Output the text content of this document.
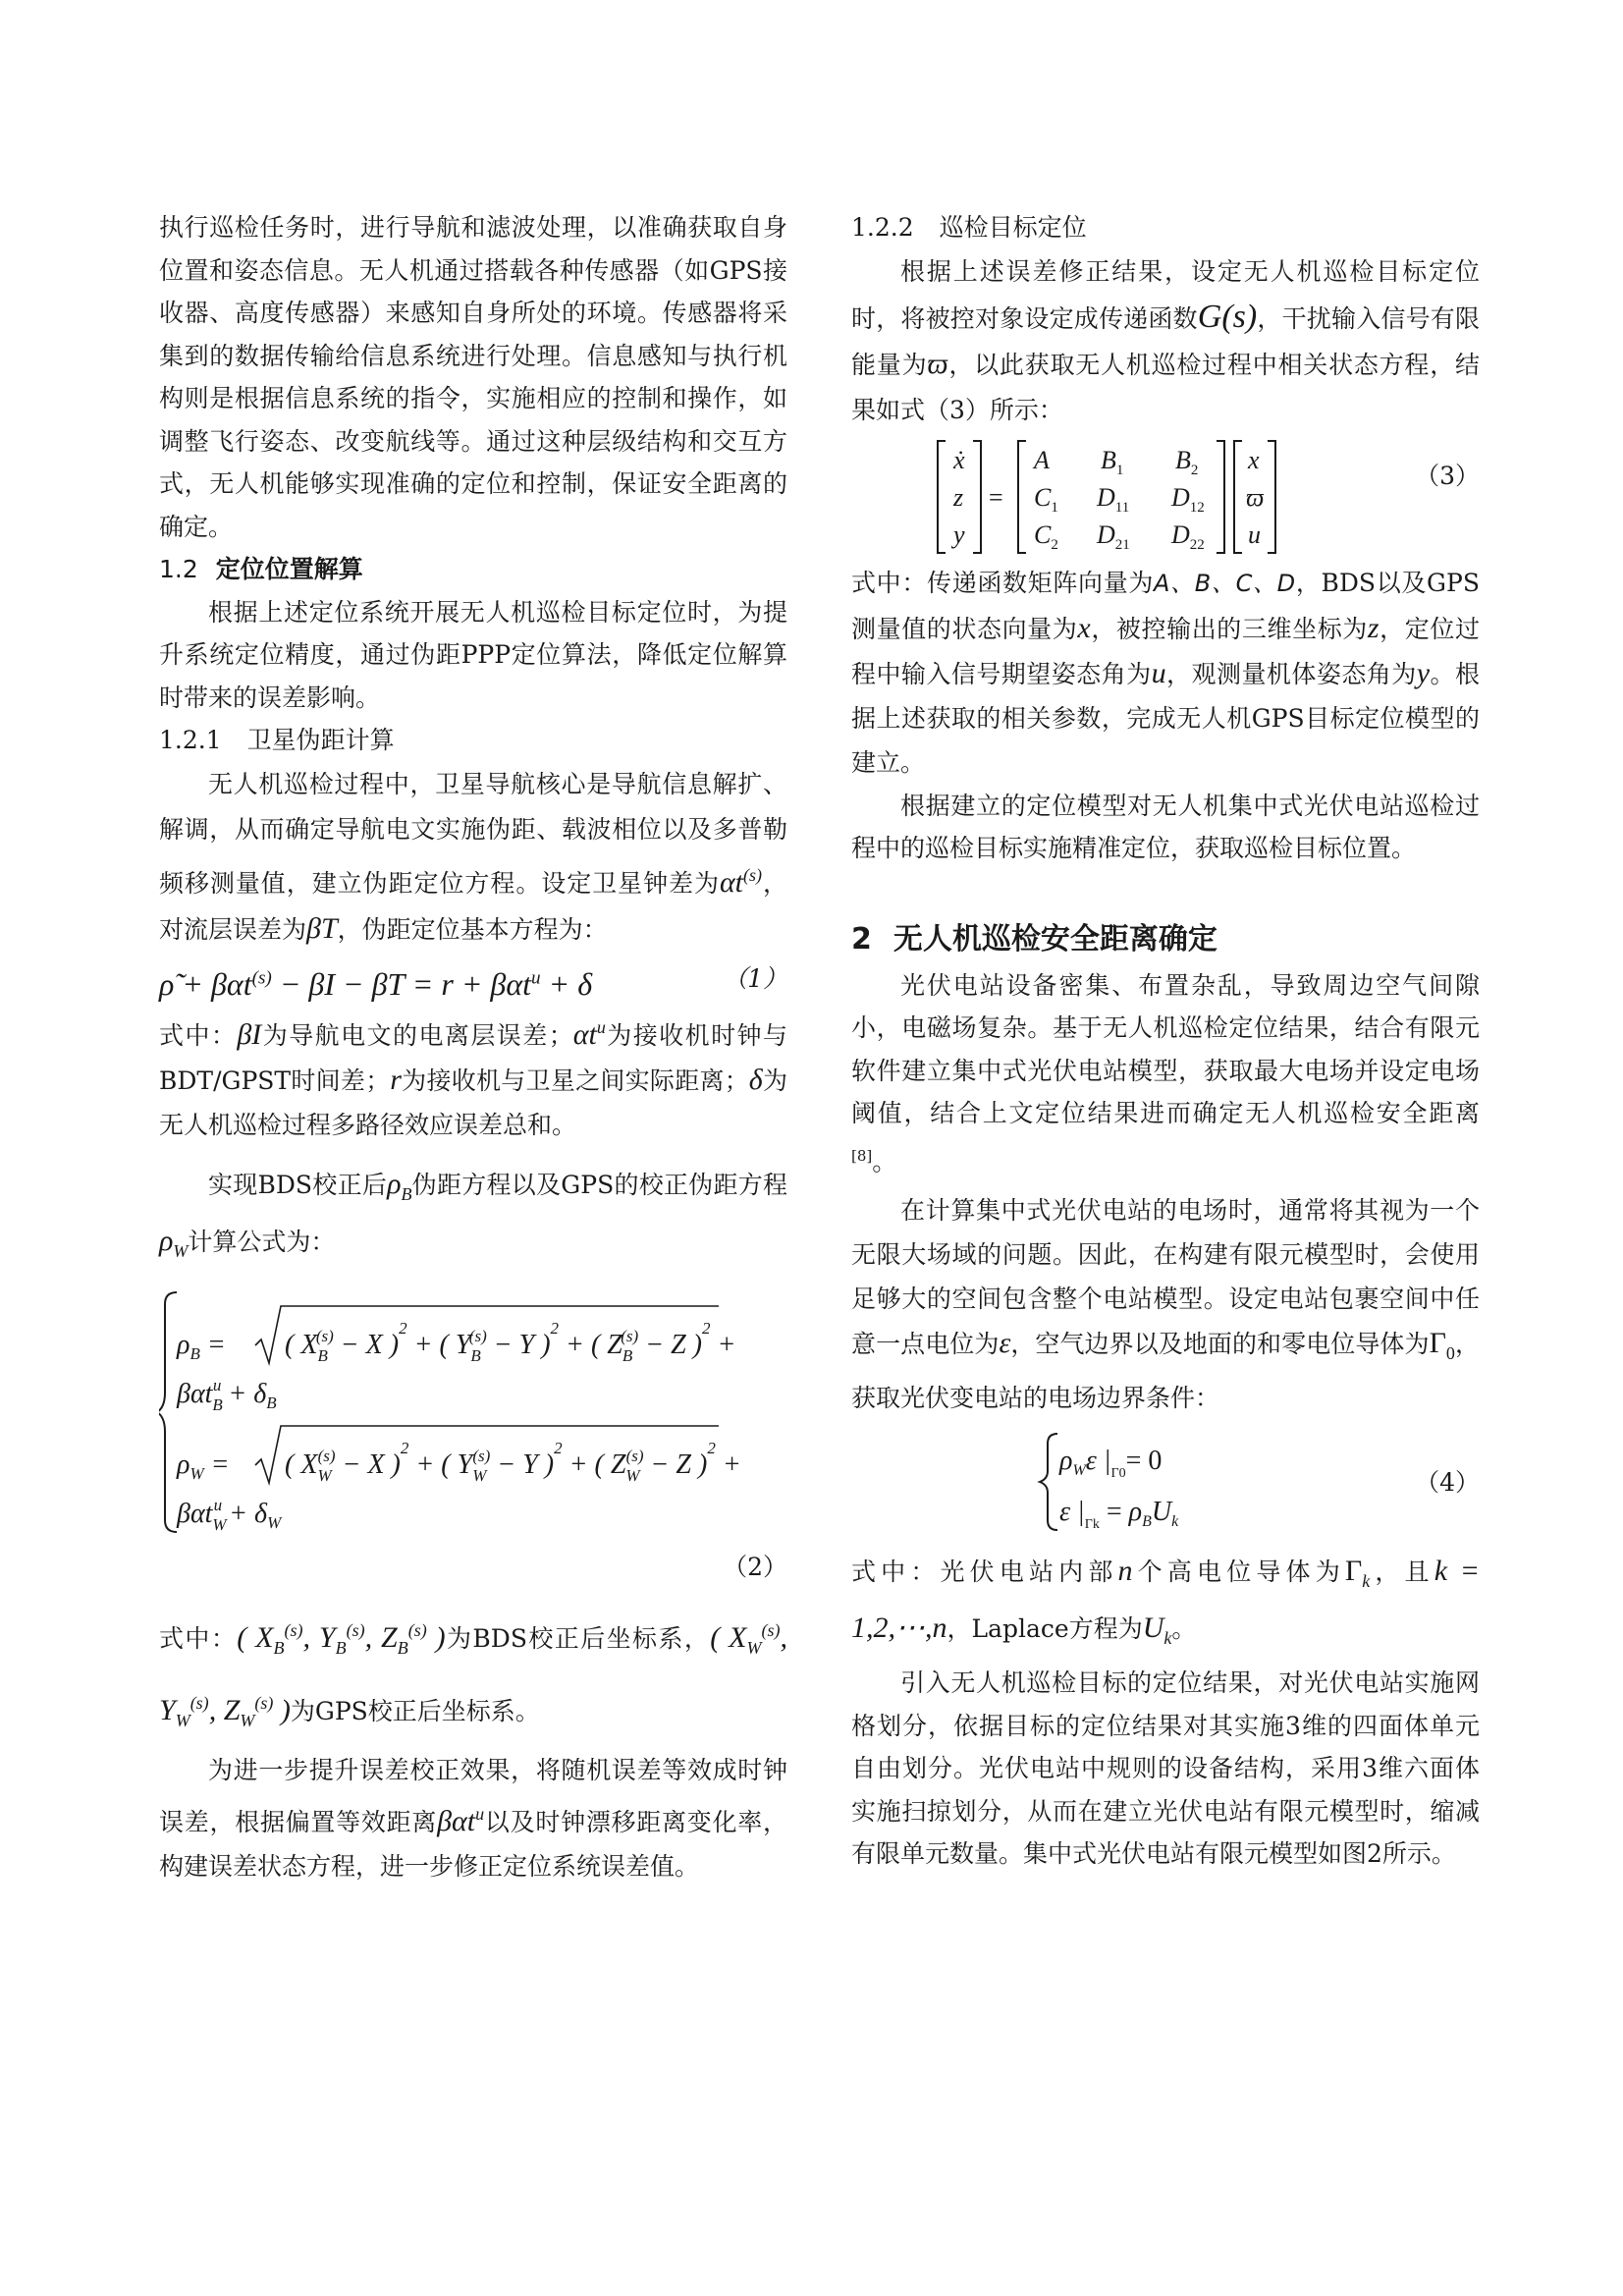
执行巡检任务时，进行导航和滤波处理，以准确获取自身位置和姿态信息。无人机通过搭载各种传感器（如GPS接收器、高度传感器）来感知自身所处的环境。传感器将采集到的数据传输给信息系统进行处理。信息感知与执行机构则是根据信息系统的指令，实施相应的控制和操作，如调整飞行姿态、改变航线等。通过这种层级结构和交互方式，无人机能够实现准确的定位和控制，保证安全距离的确定。

1.2 定位位置解算

根据上述定位系统开展无人机巡检目标定位时，为提升系统定位精度，通过伪距PPP定位算法，降低定位解算时带来的误差影响。

1.2.1 卫星伪距计算

无人机巡检过程中，卫星导航核心是导航信息解扩、解调，从而确定导航电文实施伪距、载波相位以及多普勒频移测量值，建立伪距定位方程。设定卫星钟差为$\alpha t^{(s)}$，对流层误差为βT，伪距定位基本方程为：

ρ̃ + βαt$^{(s)}$ − βI − βT = r + βαt$^u$ + δ	（1）

式中：βI为导航电文的电离层误差；$\alpha t^u$为接收机时钟与BDT/GPST时间差；r为接收机与卫星之间实际距离；δ为无人机巡检过程多路径效应误差总和。

实现BDS校正后$\rho_B$伪距方程以及GPS的校正伪距方程$\rho_W$计算公式为：

$\rho_B$ = ( $X_B(s) - X$ )$^2$ + ( $Y_B(s) - Y$ )$^2$ + ( $Z_B(s) - Z$ )$^2$ +
$\beta\alpha t_Bu + \delta_B$
$\rho_W$ = ( $X_W(s) - X$ )$^2$ + ( $Y_W(s) - Y$ )$^2$ + ( $Z_W(s) - Z$ )$^2$ +
$\beta\alpha t_Wu + \delta_W$
（2）

式中：( $X_B^{(s)}$, $Y_B^{(s)}$, $Z_B^{(s)}$ )为BDS校正后坐标系，( $X_W^{(s)}$, $Y_W^{(s)}$, $Z_W^{(s)}$ )为GPS校正后坐标系。

为进一步提升误差校正效果，将随机误差等效成时钟误差，根据偏置等效距离βαt$^u$以及时钟漂移距离变化率，构建误差状态方程，进一步修正定位系统误差值。

1.2.2 巡检目标定位

根据上述误差修正结果，设定无人机巡检目标定位时，将被控对象设定成传递函数G(s)，干扰输入信号有限能量为ϖ，以此获取无人机巡检过程中相关状态方程，结果如式（3）所示：

ẋ
z
y
=
A $B_1$ $B_2$
$C_1$ $D_{11}$ $D_{12}$
$C_2$ $D_{21}$ $D_{22}$
x
ϖ
u
（3）

式中：传递函数矩阵向量为A、B、C、D，BDS以及GPS测量值的状态向量为x，被控输出的三维坐标为z，定位过程中输入信号期望姿态角为u，观测量机体姿态角为y。根据上述获取的相关参数，完成无人机GPS目标定位模型的建立。

根据建立的定位模型对无人机集中式光伏电站巡检过程中的巡检目标实施精准定位，获取巡检目标位置。

2 无人机巡检安全距离确定

光伏电站设备密集、布置杂乱，导致周边空气间隙小，电磁场复杂。基于无人机巡检定位结果，结合有限元软件建立集中式光伏电站模型，获取最大电场并设定电场阈值，结合上文定位结果进而确定无人机巡检安全距离[8]。

在计算集中式光伏电站的电场时，通常将其视为一个无限大场域的问题。因此，在构建有限元模型时，会使用足够大的空间包含整个电站模型。设定电站包裹空间中任意一点电位为ε，空气边界以及地面的和零电位导体为$\Gamma_0$，获取光伏变电站的电场边界条件：

$\rho_W\varepsilon$ $|_{\Gamma 0}= 0$
ε $|_{\Gamma k} = \rho_BU_k$
（4）

式中：光伏电站内部n个高电位导体为$\Gamma_k$，且k = 1,2,⋯,n，Laplace方程为$U_k$。

引入无人机巡检目标的定位结果，对光伏电站实施网格划分，依据目标的定位结果对其实施3维的四面体单元自由划分。光伏电站中规则的设备结构，采用3维六面体实施扫掠划分，从而在建立光伏电站有限元模型时，缩减有限单元数量。集中式光伏电站有限元模型如图2所示。
